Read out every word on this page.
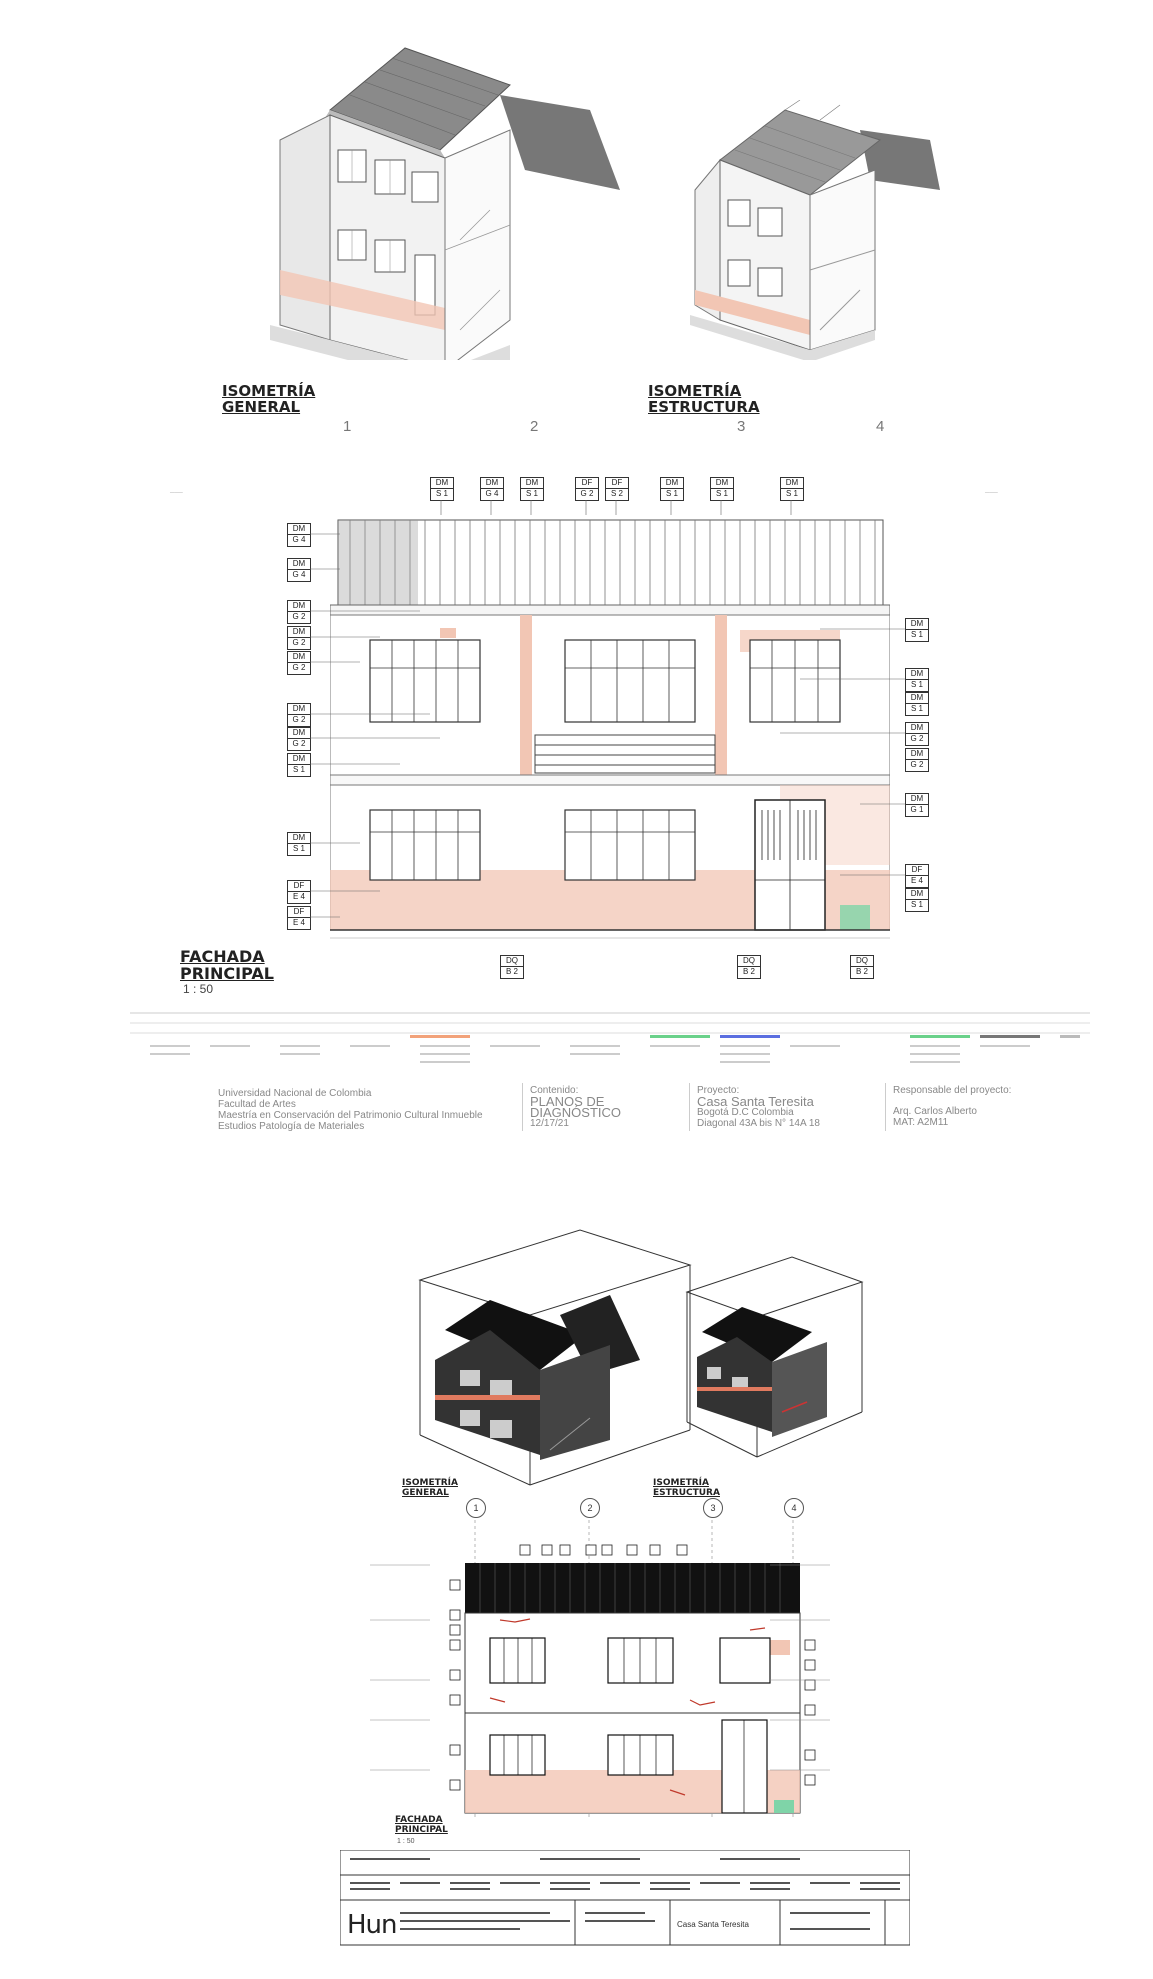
ISOMETRÍA
GENERAL
ISOMETRÍA
ESTRUCTURA
1	2	3	4
DM
S 1
DM
G 4
DM
S 1
DF
G 2
DF
S 2
DM
S 1
DM
S 1
DM
S 1
DM
G 4
DM
G 4
DM
G 2
DM
G 2
DM
G 2
DM
G 2
DM
G 2
DM
S 1
DM
S 1
DF
E 4
DF
E 4
DM
S 1
DM
S 1
DM
S 1
DM
G 2
DM
G 2
DM
G 1
DF
E 4
DM
S 1
DQ
B 2
DQ
B 2
DQ
B 2
───	───
FACHADA
PRINCIPAL
1 : 50
Universidad Nacional de Colombia
Facultad de Artes
Maestría en Conservación del Patrimonio Cultural Inmueble
Estudios Patología de Materiales
Contenido:
PLANOS DE
DIAGNÓSTICO
12/17/21
Proyecto:
Casa Santa Teresita
Bogotá D.C Colombia
Diagonal 43A bis N° 14A 18
Responsable del proyecto:
Arq. Carlos Alberto
MAT: A2M11
ISOMETRÍA
GENERAL
ISOMETRÍA
ESTRUCTURA
1	2	3	4
FACHADA
PRINCIPAL
1 : 50
Hun	Casa Santa Teresita
